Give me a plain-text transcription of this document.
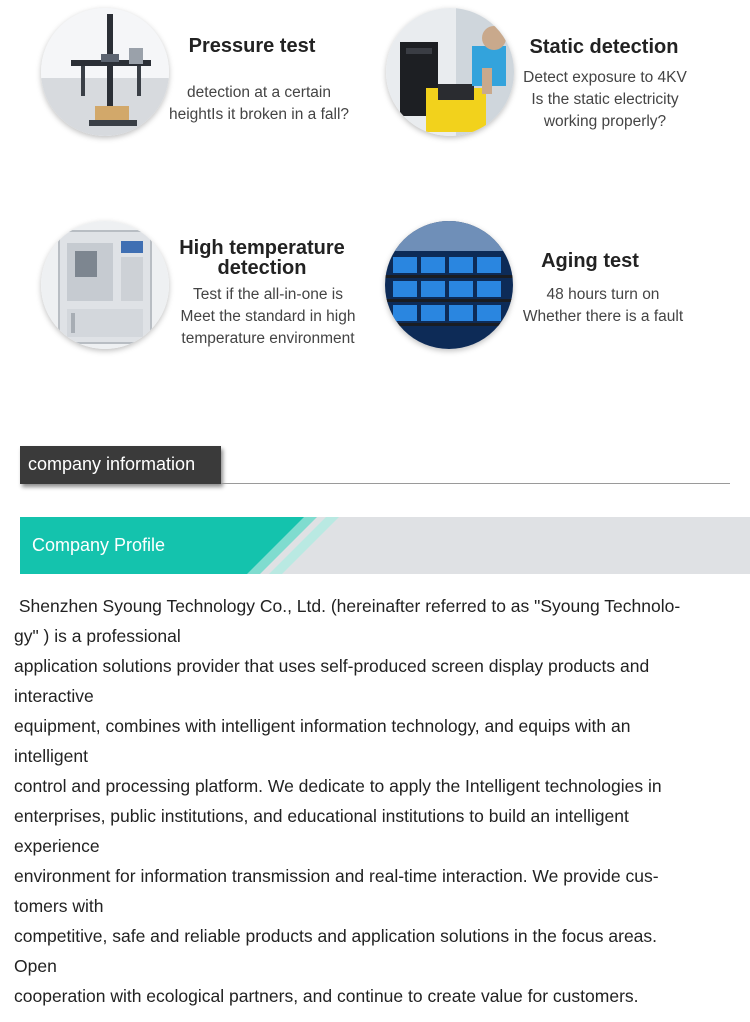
Pressure test
detection at a certain
heightIs it broken in a fall?
Static detection
Detect exposure to 4KV
Is the static electricity
working properly?
High temperature
detection
Test if the all-in-one is
Meet the standard in high
temperature environment
Aging test
48 hours turn on
Whether there is a fault
company information
Company Profile

Shenzhen Syoung Technology Co., Ltd. (hereinafter referred to as "Syoung Technolo-

gy" ) is a professional

application solutions provider that uses self-produced screen display products and

interactive

equipment, combines with intelligent information technology, and equips with an

intelligent

control and processing platform. We dedicate to apply the Intelligent technologies in

enterprises, public institutions, and educational institutions to build an intelligent

experience

environment for information transmission and real-time interaction. We provide cus-

tomers with

competitive, safe and reliable products and application solutions in the focus areas.

Open

cooperation with ecological partners, and continue to create value for customers.
